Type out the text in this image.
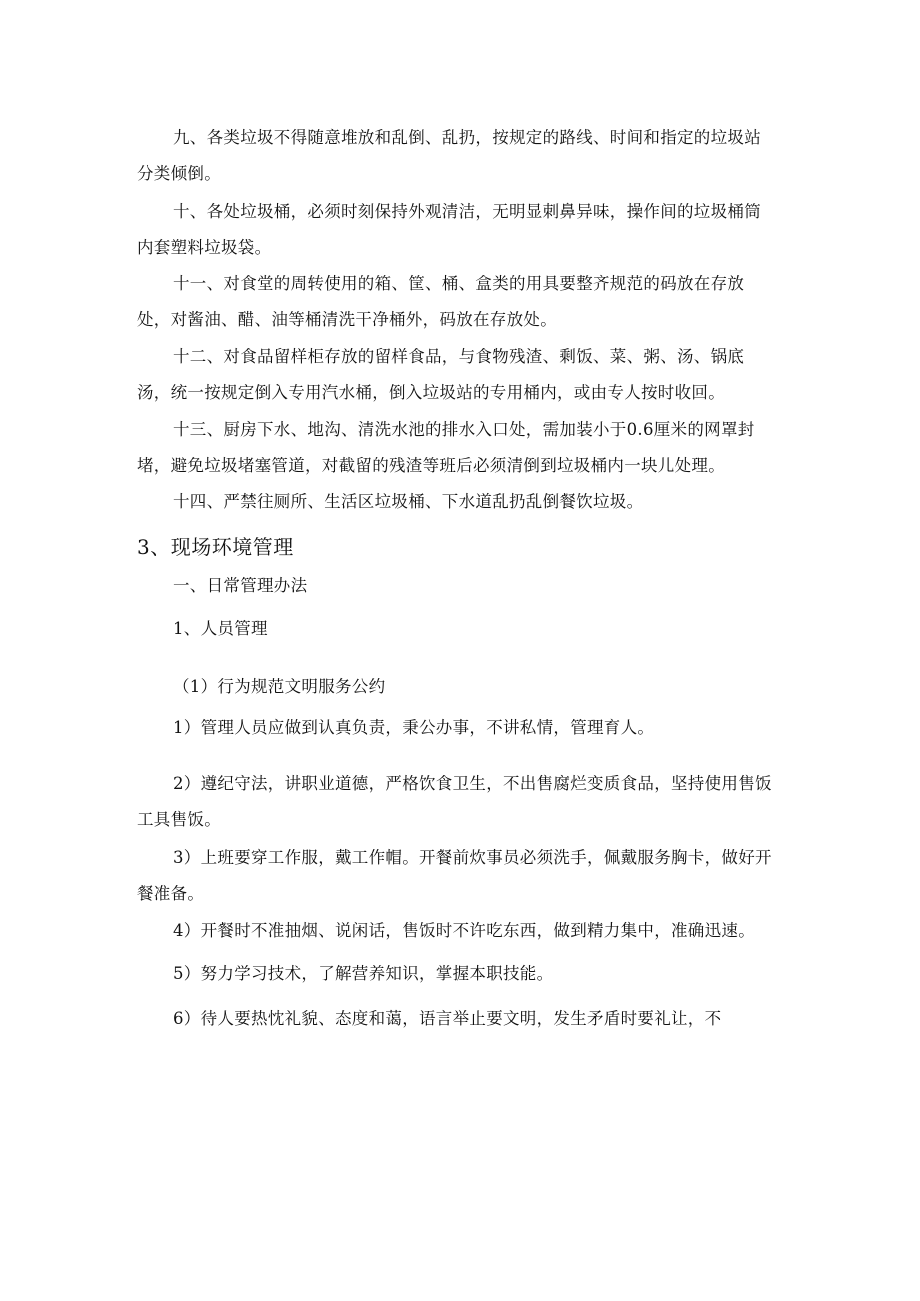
九、各类垃圾不得随意堆放和乱倒、乱扔，按规定的路线、时间和指定的垃圾站
分类倾倒。
十、各处垃圾桶，必须时刻保持外观清洁，无明显刺鼻异味，操作间的垃圾桶筒
内套塑料垃圾袋。
十一、对食堂的周转使用的箱、筐、桶、盒类的用具要整齐规范的码放在存放
处，对酱油、醋、油等桶清洗干净桶外，码放在存放处。
十二、对食品留样柜存放的留样食品，与食物残渣、剩饭、菜、粥、汤、锅底
汤，统一按规定倒入专用汽水桶，倒入垃圾站的专用桶内，或由专人按时收回。
十三、厨房下水、地沟、清洗水池的排水入口处，需加装小于0.6厘米的网罩封
堵，避免垃圾堵塞管道，对截留的残渣等班后必须清倒到垃圾桶内一块儿处理。
十四、严禁往厕所、生活区垃圾桶、下水道乱扔乱倒餐饮垃圾。
3、现场环境管理
一、日常管理办法
1、人员管理
（1）行为规范文明服务公约
1）管理人员应做到认真负责，秉公办事，不讲私情，管理育人。
2）遵纪守法，讲职业道德，严格饮食卫生，不出售腐烂变质食品，坚持使用售饭
工具售饭。
3）上班要穿工作服，戴工作帽。开餐前炊事员必须洗手，佩戴服务胸卡，做好开
餐准备。
4）开餐时不准抽烟、说闲话，售饭时不许吃东西，做到精力集中，准确迅速。
5）努力学习技术，了解营养知识，掌握本职技能。
6）待人要热忱礼貌、态度和蔼，语言举止要文明，发生矛盾时要礼让，不
